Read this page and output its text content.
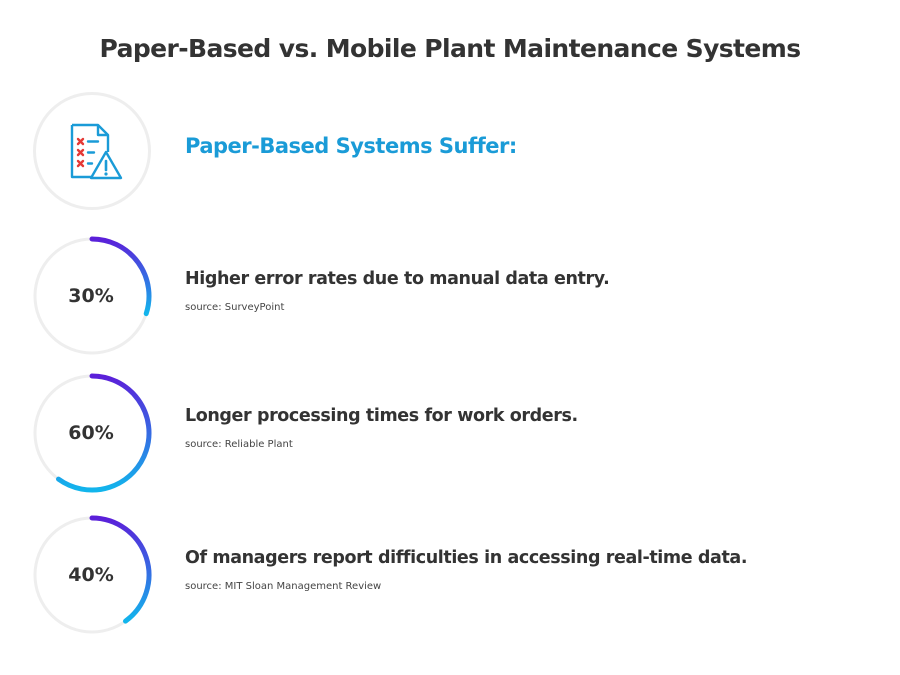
Paper-Based vs. Mobile Plant Maintenance Systems
Paper-Based Systems Suffer:
30%
Higher error rates due to manual data entry.
source: SurveyPoint
60%
Longer processing times for work orders.
source: Reliable Plant
40%
Of managers report difficulties in accessing real-time data.
source: MIT Sloan Management Review
